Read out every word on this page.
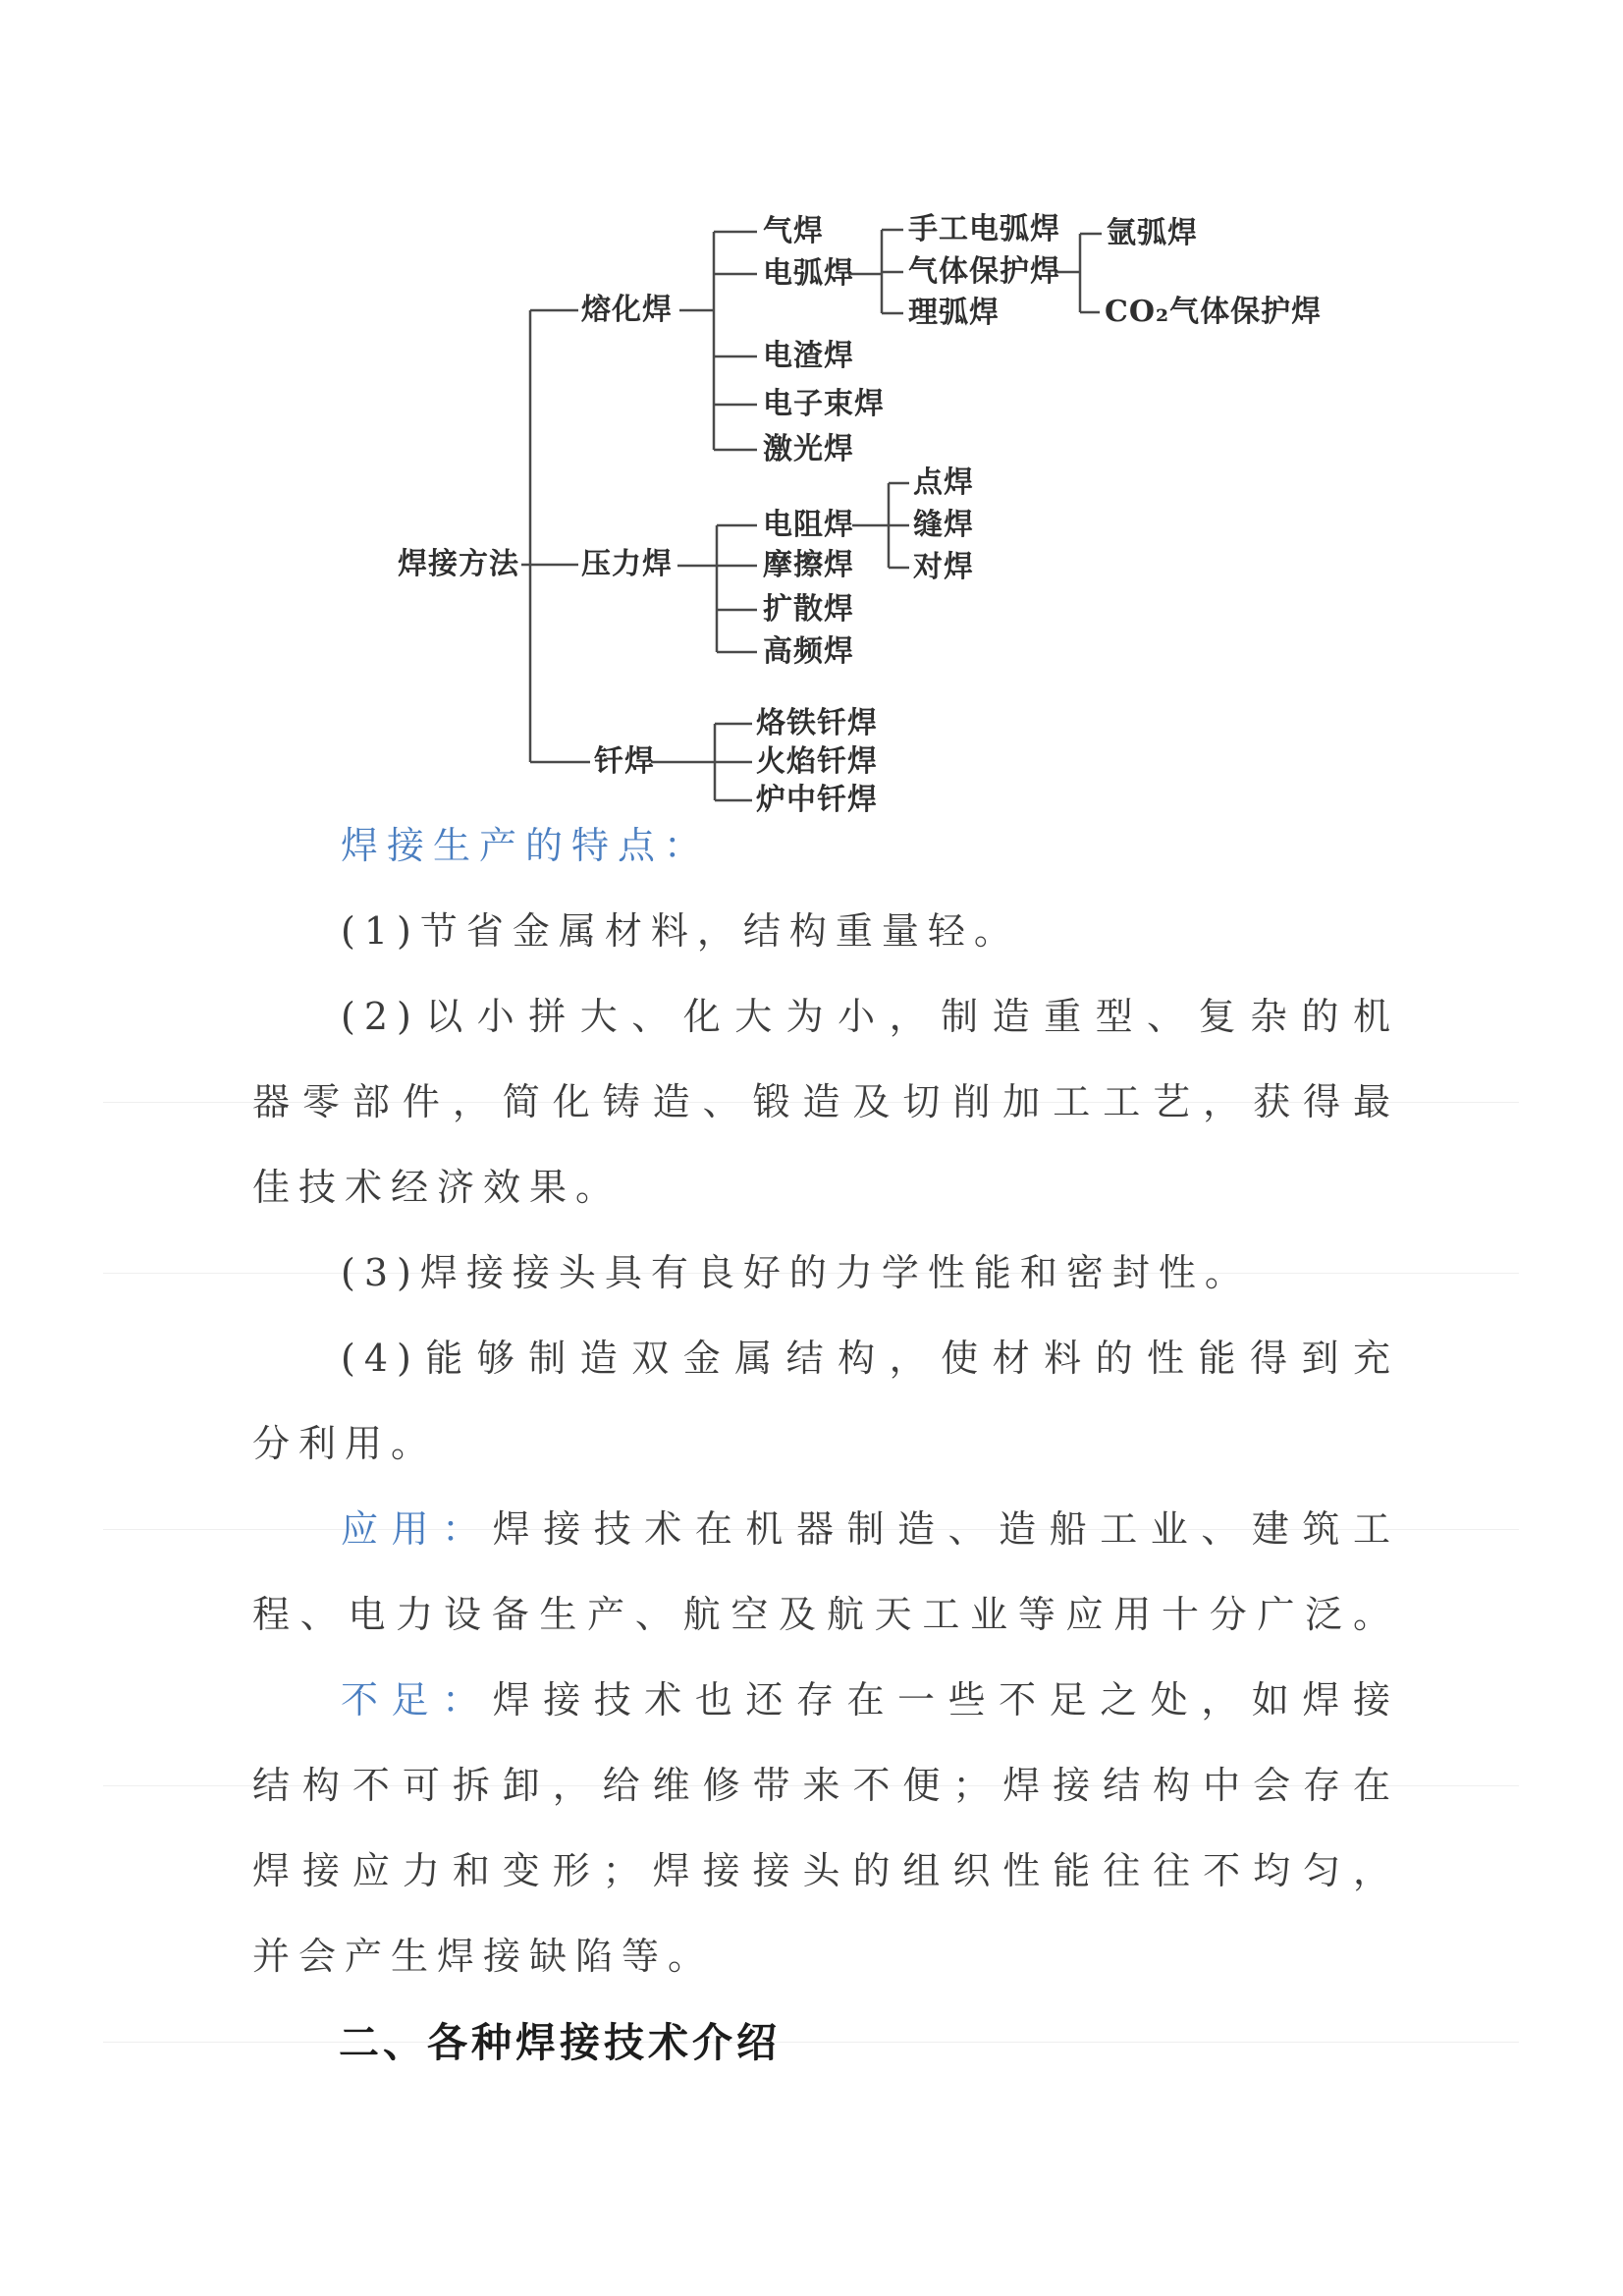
焊接方法
熔化焊
压力焊
钎焊
气焊
电弧焊
电渣焊
电子束焊
激光焊
手工电弧焊
气体保护焊
理弧焊
氩弧焊
CO₂气体保护焊
电阻焊
摩擦焊
扩散焊
高频焊
点焊
缝焊
对焊
烙铁钎焊
火焰钎焊
炉中钎焊
焊接生产的特点：
(1)节省金属材料，结构重量轻。
(2)以小拼大、化大为小，制造重型、复杂的机
器零部件，简化铸造、锻造及切削加工工艺，获得最
佳技术经济效果。
(3)焊接接头具有良好的力学性能和密封性。
(4)能够制造双金属结构，使材料的性能得到充
分利用。
应用：焊接技术在机器制造、造船工业、建筑工
程、电力设备生产、航空及航天工业等应用十分广泛。
不足：焊接技术也还存在一些不足之处，如焊接
结构不可拆卸，给维修带来不便；焊接结构中会存在
焊接应力和变形；焊接接头的组织性能往往不均匀，
并会产生焊接缺陷等。
二、各种焊接技术介绍
